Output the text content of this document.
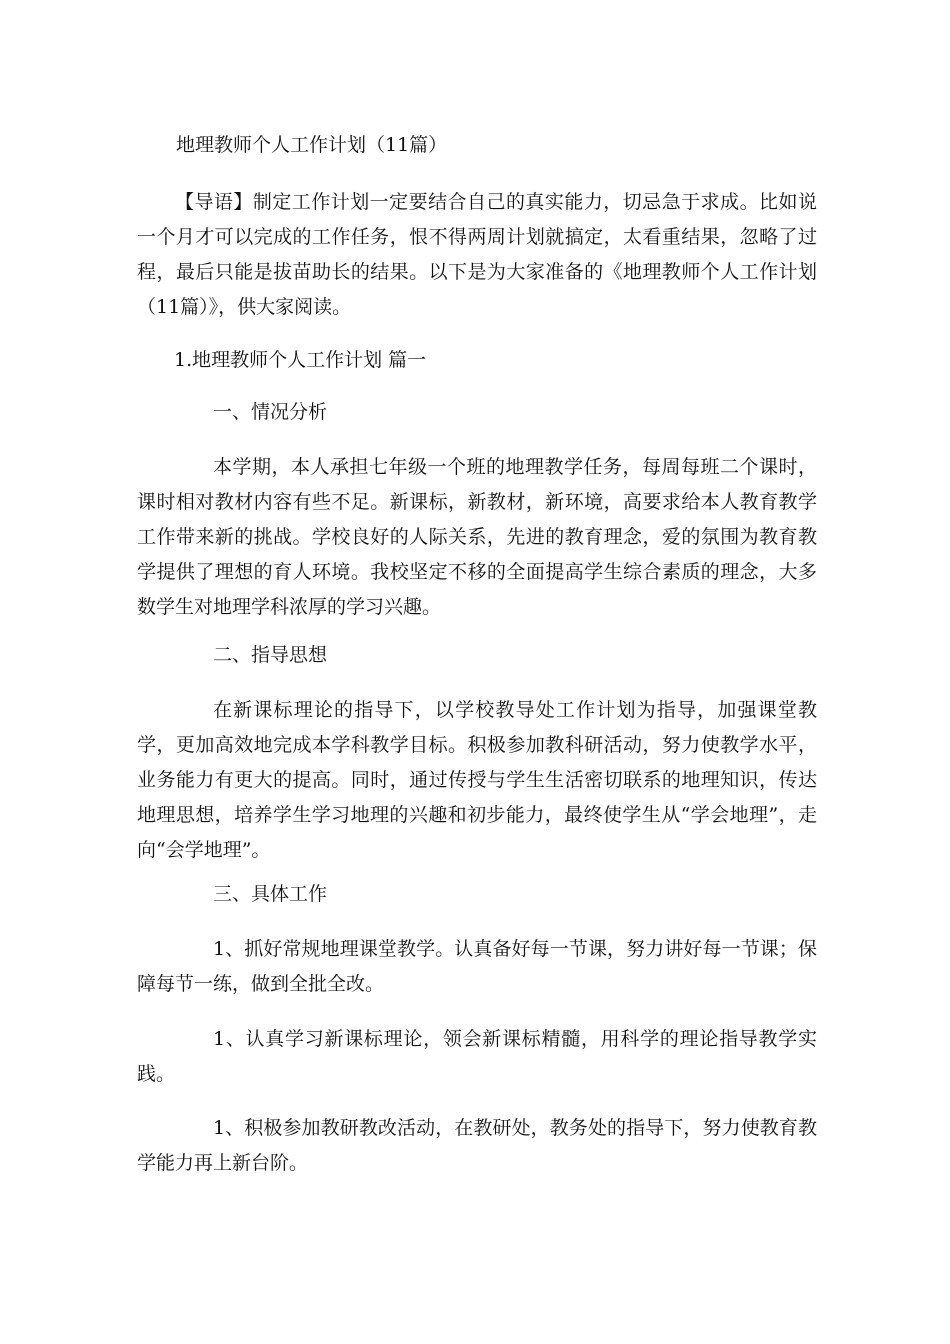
地理教师个人工作计划（11篇）

【导语】制定工作计划一定要结合自己的真实能力，切忌急于求成。比如说一个月才可以完成的工作任务，恨不得两周计划就搞定，太看重结果，忽略了过程，最后只能是拔苗助长的结果。以下是为大家准备的《地理教师个人工作计划（11篇）》，供大家阅读。

1.地理教师个人工作计划 篇一

一、情况分析

本学期，本人承担七年级一个班的地理教学任务，每周每班二个课时，课时相对教材内容有些不足。新课标，新教材，新环境，高要求给本人教育教学工作带来新的挑战。学校良好的人际关系，先进的教育理念，爱的氛围为教育教学提供了理想的育人环境。我校坚定不移的全面提高学生综合素质的理念，大多数学生对地理学科浓厚的学习兴趣。

二、指导思想

在新课标理论的指导下，以学校教导处工作计划为指导，加强课堂教学，更加高效地完成本学科教学目标。积极参加教科研活动，努力使教学水平，业务能力有更大的提高。同时，通过传授与学生生活密切联系的地理知识，传达地理思想，培养学生学习地理的兴趣和初步能力，最终使学生从“学会地理”，走向“会学地理”。

三、具体工作

1、抓好常规地理课堂教学。认真备好每一节课，努力讲好每一节课；保障每节一练，做到全批全改。

1、认真学习新课标理论，领会新课标精髓，用科学的理论指导教学实践。

1、积极参加教研教改活动，在教研处，教务处的指导下，努力使教育教学能力再上新台阶。
